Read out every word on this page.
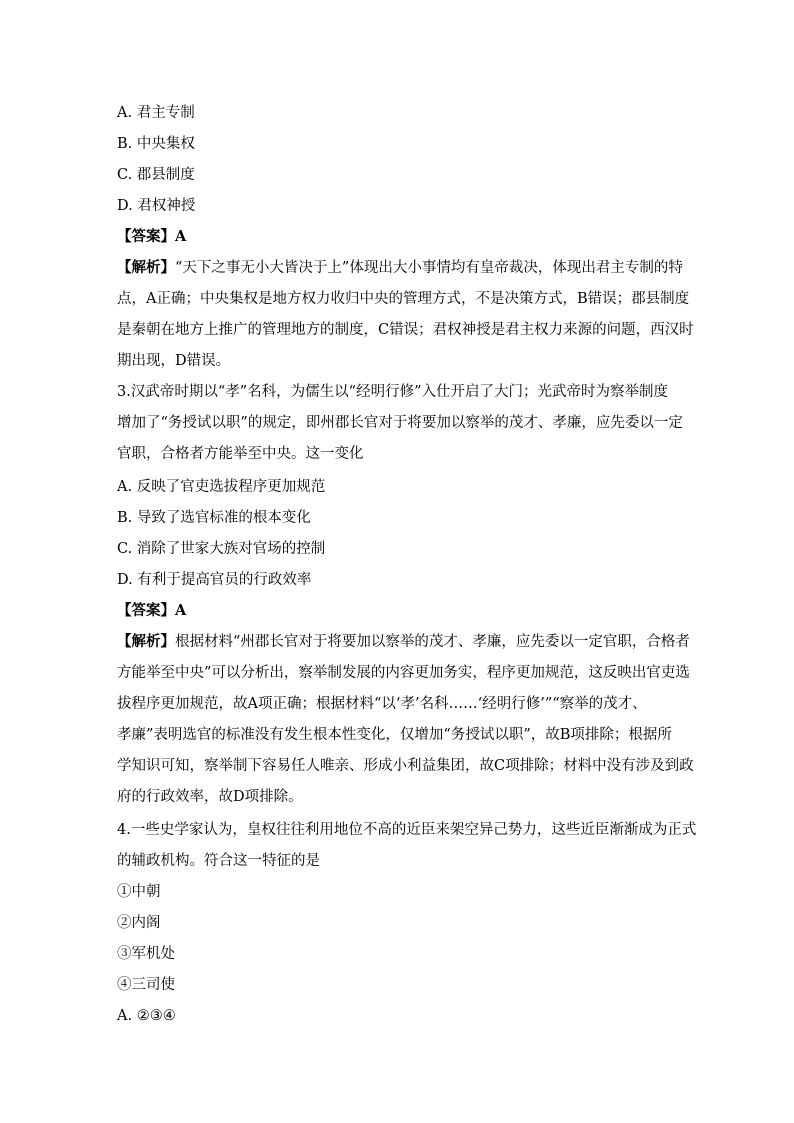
A. 君主专制
B. 中央集权
C. 郡县制度
D. 君权神授
【答案】A
【解析】“天下之事无小大皆决于上”体现出大小事情均有皇帝裁决，体现出君主专制的特
点，A正确；中央集权是地方权力收归中央的管理方式，不是决策方式，B错误；郡县制度
是秦朝在地方上推广的管理地方的制度，C错误；君权神授是君主权力来源的问题，西汉时
期出现，D错误。
3.汉武帝时期以“孝”名科，为儒生以“经明行修”入仕开启了大门；光武帝时为察举制度
增加了“务授试以职”的规定，即州郡长官对于将要加以察举的茂才、孝廉，应先委以一定
官职，合格者方能举至中央。这一变化
A. 反映了官吏选拔程序更加规范
B. 导致了选官标准的根本变化
C. 消除了世家大族对官场的控制
D. 有利于提高官员的行政效率
【答案】A
【解析】根据材料“州郡长官对于将要加以察举的茂才、孝廉，应先委以一定官职，合格者
方能举至中央”可以分析出，察举制发展的内容更加务实，程序更加规范，这反映出官吏选
拔程序更加规范，故A项正确；根据材料“以‘孝’名科……‘经明行修’”“察举的茂才、
孝廉”表明选官的标准没有发生根本性变化，仅增加“务授试以职”，故B项排除；根据所
学知识可知，察举制下容易任人唯亲、形成小利益集团，故C项排除；材料中没有涉及到政
府的行政效率，故D项排除。
4.一些史学家认为，皇权往往利用地位不高的近臣来架空异己势力，这些近臣渐渐成为正式
的辅政机构。符合这一特征的是
①中朝
②内阁
③军机处
④三司使
A. ②③④
